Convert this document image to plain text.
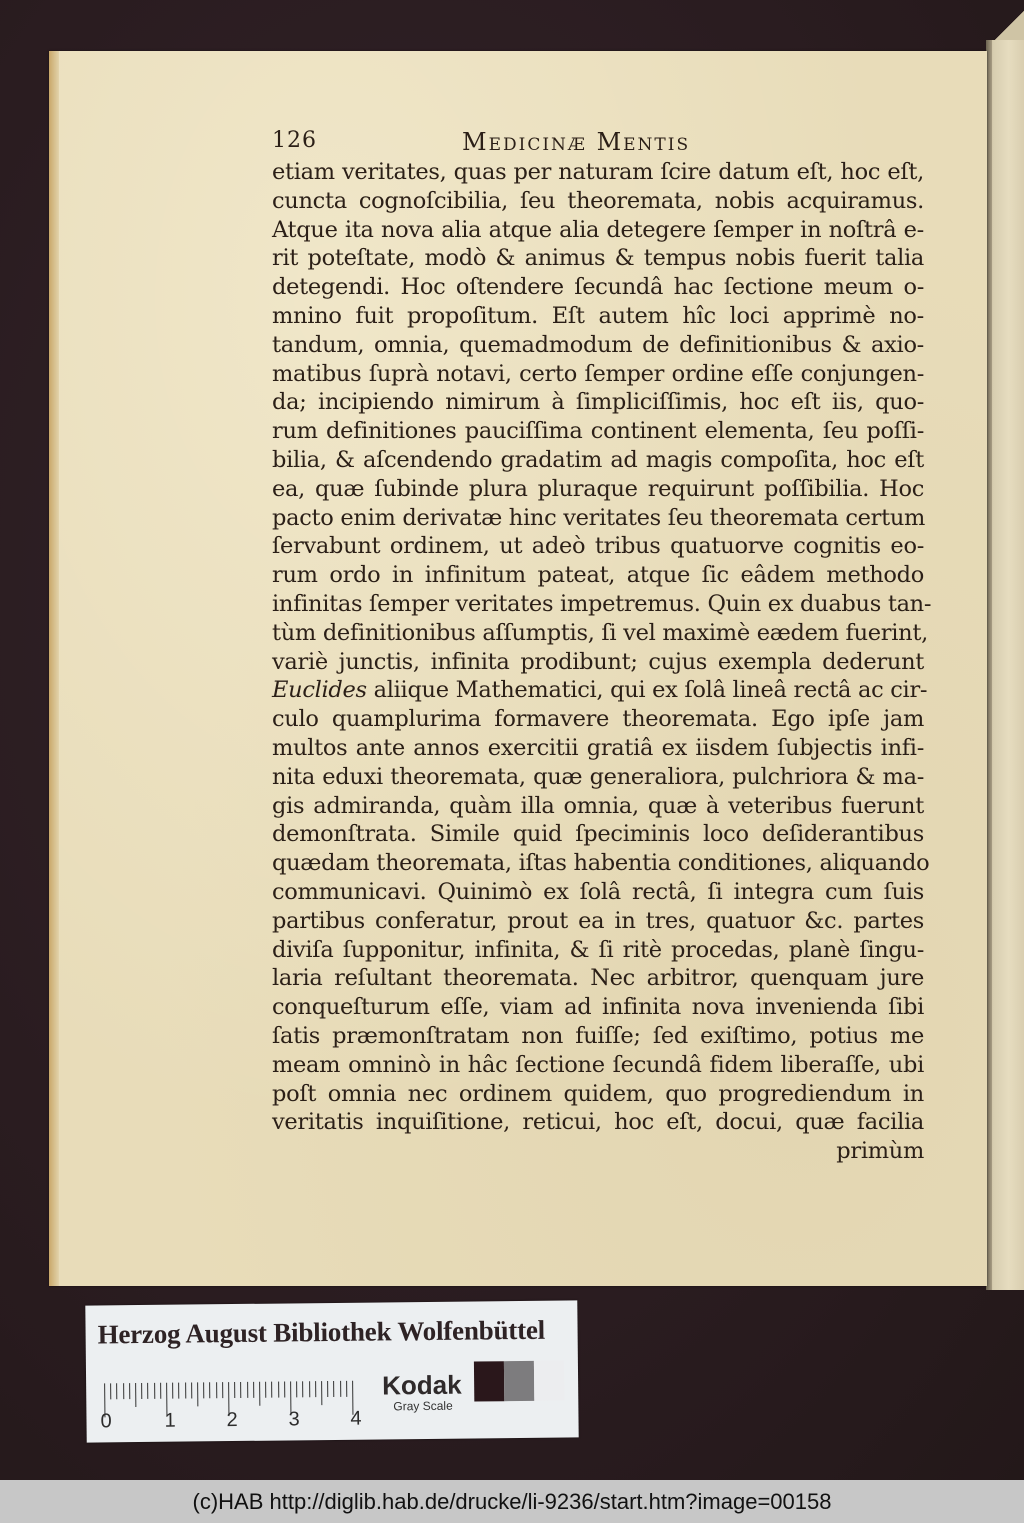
126	Medicinæ Mentis
etiam veritates, quas per naturam ſcire datum eſt, hoc eſt,
cuncta cognoſcibilia, ſeu theoremata, nobis acquiramus.
Atque ita nova alia atque alia detegere ſemper in noſtrâ e-
rit poteſtate, modò & animus & tempus nobis fuerit talia
detegendi. Hoc oſtendere ſecundâ hac ſectione meum o-
mnino fuit propoſitum. Eſt autem hîc loci apprimè no-
tandum, omnia, quemadmodum de definitionibus & axio-
matibus ſuprà notavi, certo ſemper ordine eſſe conjungen-
da; incipiendo nimirum à ſimpliciſſimis, hoc eſt iis, quo-
rum definitiones pauciſſima continent elementa, ſeu poſſi-
bilia, & aſcendendo gradatim ad magis compoſita, hoc eſt
ea, quæ ſubinde plura pluraque requirunt poſſibilia. Hoc
pacto enim derivatæ hinc veritates ſeu theoremata certum
ſervabunt ordinem, ut adeò tribus quatuorve cognitis eo-
rum ordo in infinitum pateat, atque ſic eâdem methodo
infinitas ſemper veritates impetremus. Quin ex duabus tan-
tùm definitionibus aſſumptis, ſi vel maximè eædem fuerint,
variè junctis, infinita prodibunt; cujus exempla dederunt
Euclides aliique Mathematici, qui ex ſolâ lineâ rectâ ac cir-
culo quamplurima formavere theoremata. Ego ipſe jam
multos ante annos exercitii gratiâ ex iisdem ſubjectis infi-
nita eduxi theoremata, quæ generaliora, pulchriora & ma-
gis admiranda, quàm illa omnia, quæ à veteribus fuerunt
demonſtrata. Simile quid ſpeciminis loco deſiderantibus
quædam theoremata, iſtas habentia conditiones, aliquando
communicavi. Quinimò ex ſolâ rectâ, ſi integra cum ſuis
partibus conferatur, prout ea in tres, quatuor &c. partes
diviſa ſupponitur, infinita, & ſi ritè procedas, planè ſingu-
laria reſultant theoremata. Nec arbitror, quenquam jure
conqueſturum eſſe, viam ad infinita nova invenienda ſibi
ſatis præmonſtratam non fuiſſe; ſed exiſtimo, potius me
meam omninò in hâc ſectione ſecundâ fidem liberaſſe, ubi
poſt omnia nec ordinem quidem, quo progrediendum in
veritatis inquiſitione, reticui, hoc eſt, docui, quæ facilia
primùm
Herzog August Bibliothek Wolfenbüttel
0	1	2	3	4
Kodak
Gray Scale
(c)HAB http://diglib.hab.de/drucke/li-9236/start.htm?image=00158
